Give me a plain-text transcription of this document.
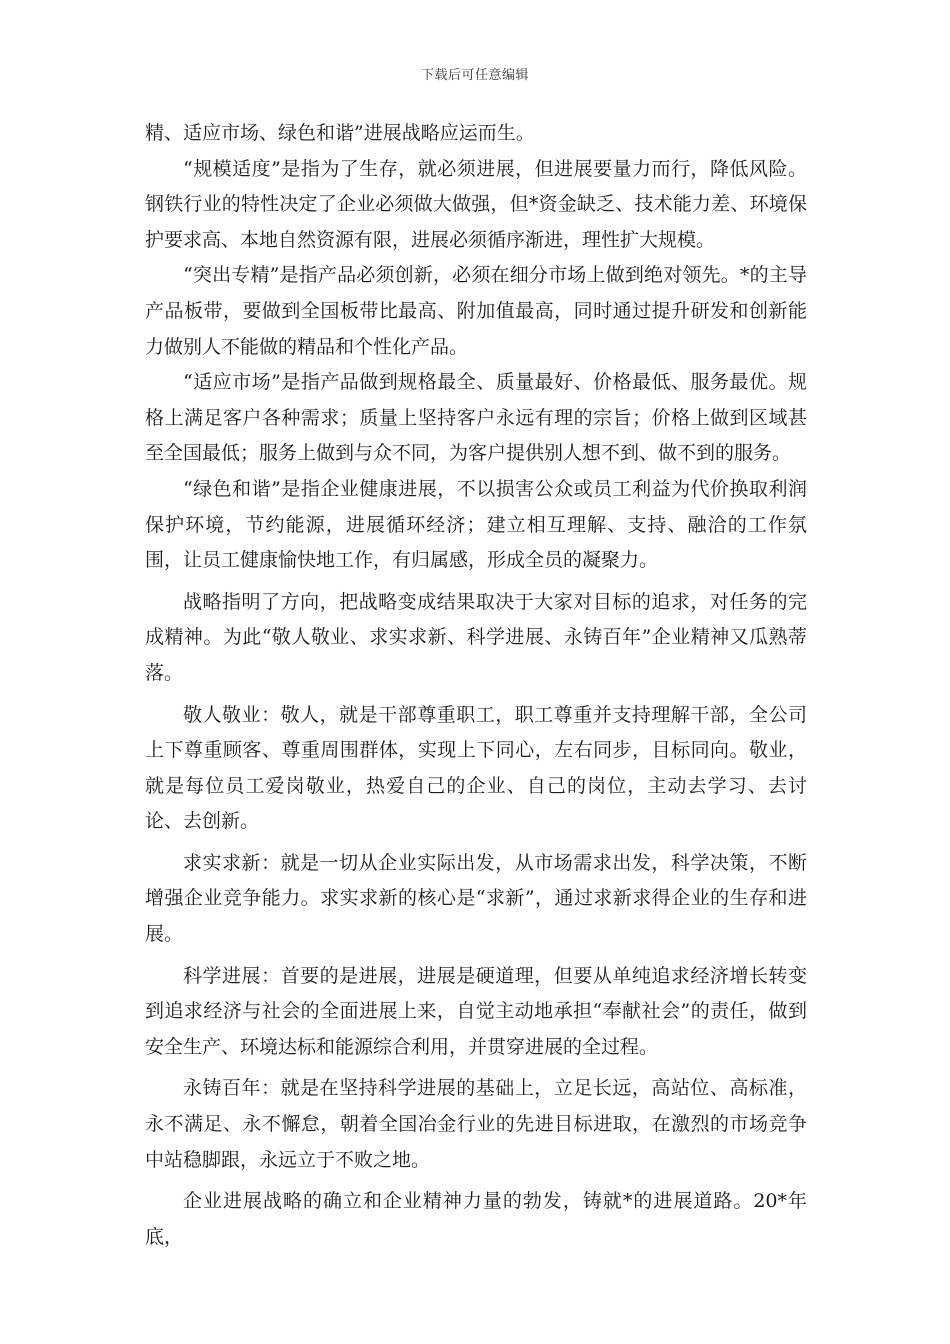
下载后可任意编辑

精、适应市场、绿色和谐”进展战略应运而生。

“规模适度”是指为了生存，就必须进展，但进展要量力而行，降低风险。钢铁行业的特性决定了企业必须做大做强，但*资金缺乏、技术能力差、环境保护要求高、本地自然资源有限，进展必须循序渐进，理性扩大规模。

“突出专精”是指产品必须创新，必须在细分市场上做到绝对领先。*的主导产品板带，要做到全国板带比最高、附加值最高，同时通过提升研发和创新能力做别人不能做的精品和个性化产品。

“适应市场”是指产品做到规格最全、质量最好、价格最低、服务最优。规格上满足客户各种需求；质量上坚持客户永远有理的宗旨；价格上做到区域甚至全国最低；服务上做到与众不同，为客户提供别人想不到、做不到的服务。

“绿色和谐”是指企业健康进展，不以损害公众或员工利益为代价换取利润保护环境，节约能源，进展循环经济；建立相互理解、支持、融洽的工作氛围，让员工健康愉快地工作，有归属感，形成全员的凝聚力。

战略指明了方向，把战略变成结果取决于大家对目标的追求，对任务的完成精神。为此“敬人敬业、求实求新、科学进展、永铸百年”企业精神又瓜熟蒂落。

敬人敬业：敬人，就是干部尊重职工，职工尊重并支持理解干部，全公司上下尊重顾客、尊重周围群体，实现上下同心，左右同步，目标同向。敬业，就是每位员工爱岗敬业，热爱自己的企业、自己的岗位，主动去学习、去讨论、去创新。

求实求新：就是一切从企业实际出发，从市场需求出发，科学决策，不断增强企业竞争能力。求实求新的核心是“求新”，通过求新求得企业的生存和进展。

科学进展：首要的是进展，进展是硬道理，但要从单纯追求经济增长转变到追求经济与社会的全面进展上来，自觉主动地承担“奉献社会”的责任，做到安全生产、环境达标和能源综合利用，并贯穿进展的全过程。

永铸百年：就是在坚持科学进展的基础上，立足长远，高站位、高标准，永不满足、永不懈怠，朝着全国冶金行业的先进目标进取，在激烈的市场竞争中站稳脚跟，永远立于不败之地。

企业进展战略的确立和企业精神力量的勃发，铸就*的进展道路。20*年底，
